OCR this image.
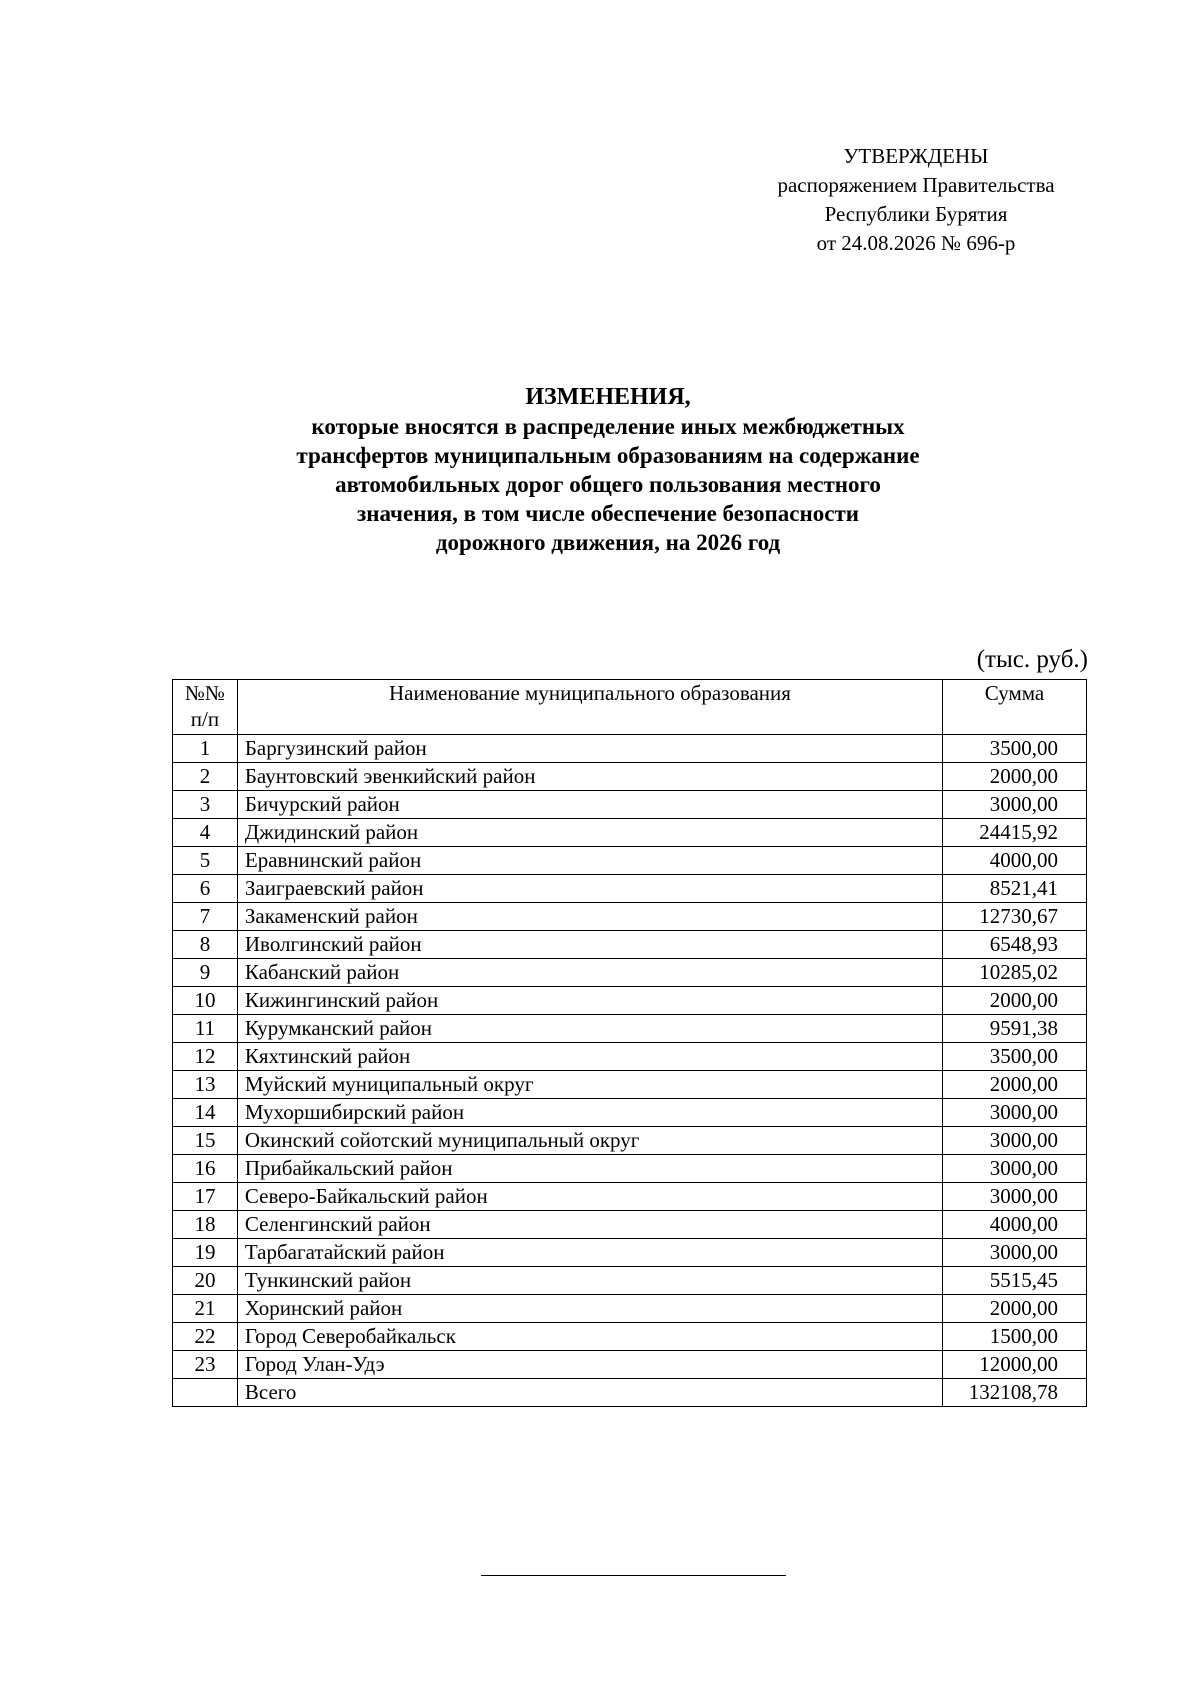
УТВЕРЖДЕНЫ
распоряжением Правительства
Республики Бурятия
от 24.08.2026 № 696-р
ИЗМЕНЕНИЯ,
которые вносятся в распределение иных межбюджетных
трансфертов муниципальным образованиям на содержание
автомобильных дорог общего пользования местного
значения, в том числе обеспечение безопасности
дорожного движения, на 2026 год
(тыс. руб.)
№№
п/п	Наименование муниципального образования	Сумма
1	Баргузинский район	3500,00
2	Баунтовский эвенкийский район	2000,00
3	Бичурский район	3000,00
4	Джидинский район	24415,92
5	Еравнинский район	4000,00
6	Заиграевский район	8521,41
7	Закаменский район	12730,67
8	Иволгинский район	6548,93
9	Кабанский район	10285,02
10	Кижингинский район	2000,00
11	Курумканский район	9591,38
12	Кяхтинский район	3500,00
13	Муйский муниципальный округ	2000,00
14	Мухоршибирский район	3000,00
15	Окинский сойотский муниципальный округ	3000,00
16	Прибайкальский район	3000,00
17	Северо-Байкальский район	3000,00
18	Селенгинский район	4000,00
19	Тарбагатайский район	3000,00
20	Тункинский район	5515,45
21	Хоринский район	2000,00
22	Город Северобайкальск	1500,00
23	Город Улан-Удэ	12000,00
	Всего	132108,78
